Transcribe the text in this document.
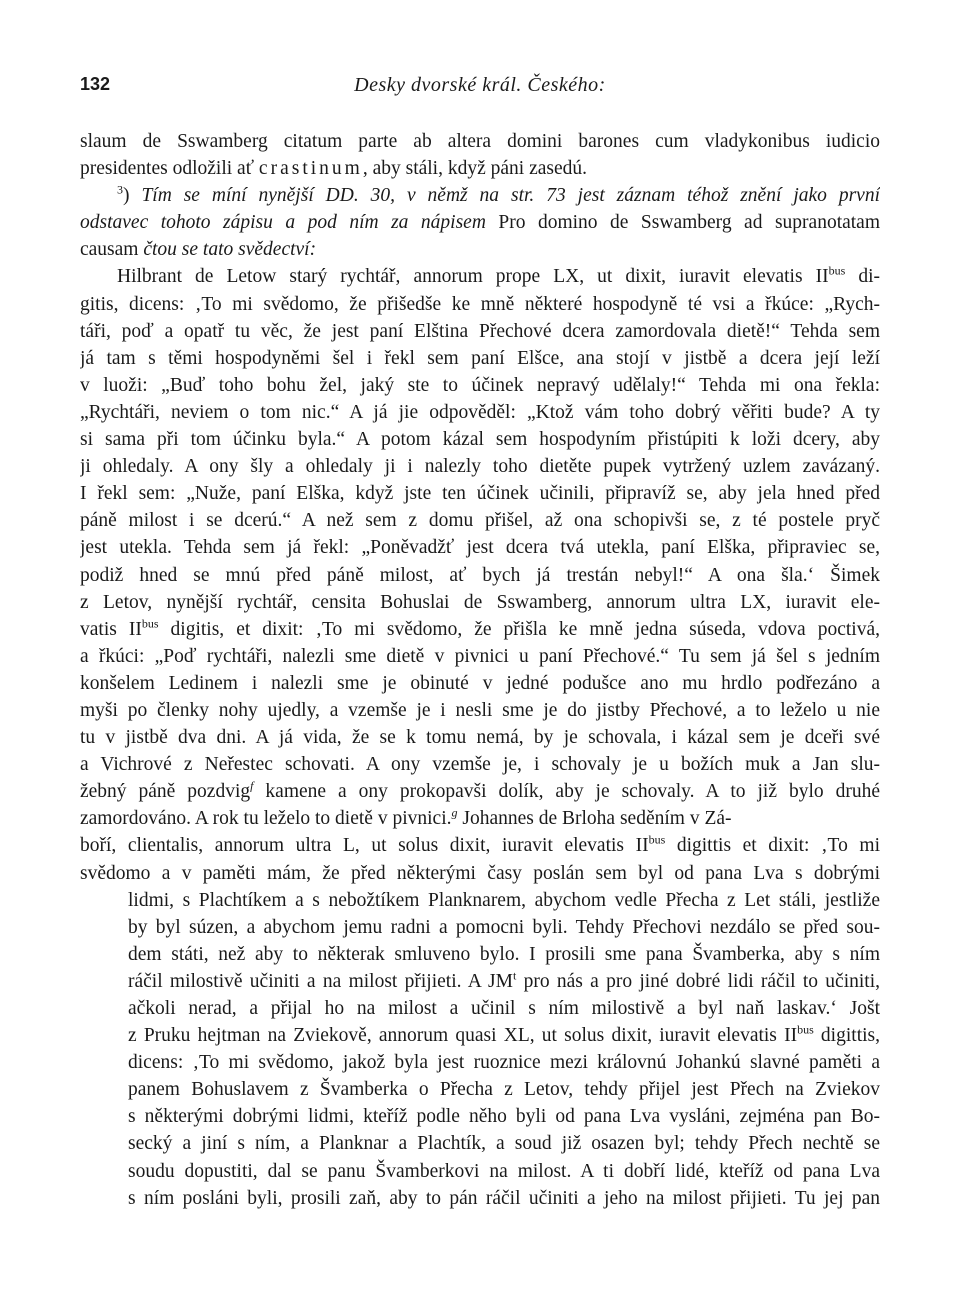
132	Desky dvorské král. Českého:
slaum de Sswamberg citatum parte ab altera domini barones cum vladykonibus iudicio
presidentes odložili ať crastinum, aby stáli, když páni zasedú.
$^3$) Tím se míní nynější DD. 30, v němž na str. 73 jest záznam téhož znění jako první
odstavec tohoto zápisu a pod ním za nápisem Pro domino de Sswamberg ad supranotatam
causam čtou se tato svědectví:
Hilbrant de Letow starý rychtář, annorum prope LX, ut dixit, iuravit elevatis $II^{bus}$ di-
gitis, dicens: ‚To mi svědomo, že přišedše ke mně některé hospodyně té vsi a řkúce: „Rych-
táři, poď a opatř tu věc, že jest paní Elština Přechové dcera zamordovala dietě!“ Tehda sem
já tam s těmi hospodyněmi šel i řekl sem paní Elšce, ana stojí v jistbě a dcera její leží
v luoži: „Buď toho bohu žel, jaký ste to účinek nepravý udělaly!“ Tehda mi ona řekla:
„Rychtáři, neviem o tom nic.“ A já jie odpověděl: „Ktož vám toho dobrý věřiti bude? A ty
si sama při tom účinku byla.“ A potom kázal sem hospodyním přistúpiti k loži dcery, aby
ji ohledaly. A ony šly a ohledaly ji i nalezly toho dietěte pupek vytržený uzlem zavázaný.
I řekl sem: „Nuže, paní Elška, když jste ten účinek učinili, připravíž se, aby jela hned před
páně milost i se dcerú.“ A než sem z domu přišel, až ona schopivši se, z té postele pryč
jest utekla. Tehda sem já řekl: „Poněvadžť jest dcera tvá utekla, paní Elška, připraviec se,
podiž hned se mnú před páně milost, ať bych já trestán nebyl!“ A ona šla.‘ Šimek
z Letov, nynější rychtář, censita Bohuslai de Sswamberg, annorum ultra LX, iuravit ele-
vatis $II^{bus}$ digitis, et dixit: ‚To mi svědomo, že přišla ke mně jedna súseda, vdova poctivá,
a řkúci: „Poď rychtáři, nalezli sme dietě v pivnici u paní Přechové.“ Tu sem já šel s jedním
konšelem Ledinem i nalezli sme je obinuté v jedné podušce ano mu hrdlo podřezáno a
myši po členky nohy ujedly, a vzemše je i nesli sme je do jistby Přechové, a to leželo u nie
tu v jistbě dva dni. A já vida, že se k tomu nemá, by je schovala, i kázal sem je dceři své
a Vichrové z Neřestec schovati. A ony vzemše je, i schovaly je u božích muk a Jan slu-
žebný páně pozdvig$^f$ kamene a ony prokopavši dolík, aby je schovaly. A to již bylo druhé
zamordováno. A rok tu leželo to dietě v pivnici.$^g$ Johannes de Brloha seděním v Zá-
boří, clientalis, annorum ultra L, ut solus dixit, iuravit elevatis $II^{bus}$ digittis et dixit: ‚To mi
svědomo a v paměti mám, že před některými časy poslán sem byl od pana Lva s dobrými
lidmi, s Plachtíkem a s nebožtíkem Planknarem, abychom vedle Přecha z Let stáli, jestliže
by byl súzen, a abychom jemu radni a pomocni byli. Tehdy Přechovi nezdálo se před sou-
dem státi, než aby to některak smluveno bylo. I prosili sme pana Švamberka, aby s ním
ráčil milostivě učiniti a na milost přijieti. A $JM^t$ pro nás a pro jiné dobré lidi ráčil to učiniti,
ačkoli nerad, a přijal ho na milost a učinil s ním milostivě a byl naň laskav.‘ Jošt
z Pruku hejtman na Zviekově, annorum quasi XL, ut solus dixit, iuravit elevatis $II^{bus}$ digittis,
dicens: ‚To mi svědomo, jakož byla jest ruoznice mezi královnú Johankú slavné paměti a
panem Bohuslavem z Švamberka o Přecha z Letov, tehdy přijel jest Přech na Zviekov
s některými dobrými lidmi, kteříž podle něho byli od pana Lva vysláni, zejména pan Bo-
secký a jiní s ním, a Planknar a Plachtík, a soud již osazen byl; tehdy Přech nechtě se
soudu dopustiti, dal se panu Švamberkovi na milost. A ti dobří lidé, kteříž od pana Lva
s ním posláni byli, prosili zaň, aby to pán ráčil učiniti a jeho na milost přijieti. Tu jej pan
